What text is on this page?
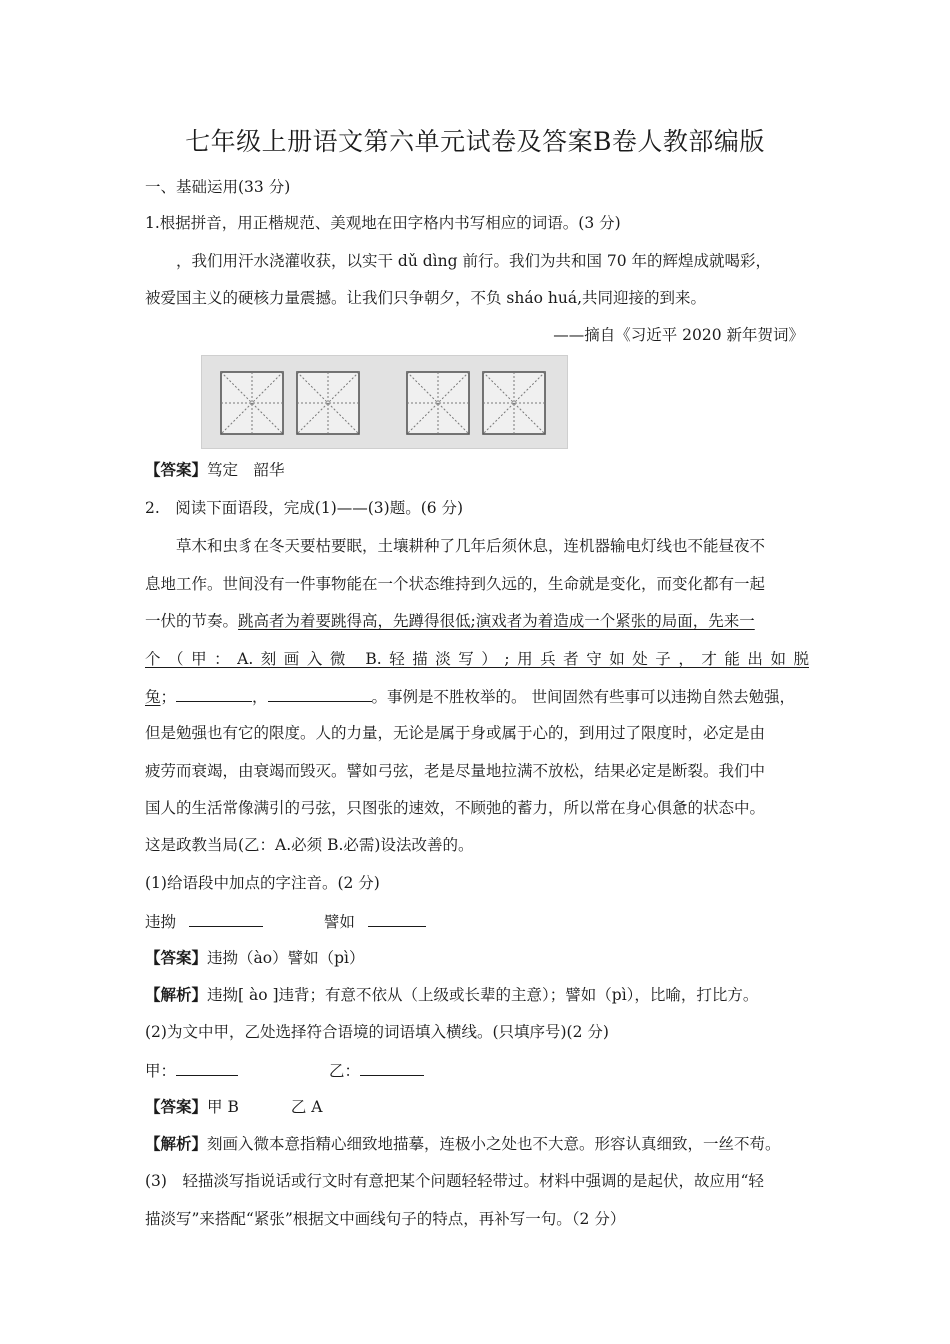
七年级上册语文第六单元试卷及答案B卷人教部编版
一、基础运用(33 分)
1.根据拼音，用正楷规范、美观地在田字格内书写相应的词语。(3 分)
，我们用汗水浇灌收获，以实干 dǔ dìng 前行。我们为共和国 70 年的辉煌成就喝彩，
被爱国主义的硬核力量震撼。让我们只争朝夕，不负 sháo huá,共同迎接的到来。
——摘自《习近平 2020 新年贺词》
【答案】笃定　韶华
2.　阅读下面语段，完成(1)——(3)题。(6 分)
草木和虫豸在冬天要枯要眠，土壤耕种了几年后须休息，连机器输电灯线也不能昼夜不
息地工作。世间没有一件事物能在一个状态维持到久远的，生命就是变化，而变化都有一起
一伏的节奏。跳高者为着要跳得高，先蹲得很低;演戏者为着造成一个紧张的局面，先来一
个（甲：A.刻画入微 B.轻描淡写）;用兵者守如处子，才能出如脱
兔；	，	。事例是不胜枚举的。 世间固然有些事可以违拗自然去勉强，
但是勉强也有它的限度。人的力量，无论是属于身或属于心的，到用过了限度时，必定是由
疲劳而衰竭，由衰竭而毁灭。譬如弓弦，老是尽量地拉满不放松，结果必定是断裂。我们中
国人的生活常像满引的弓弦，只图张的速效，不顾弛的蓄力，所以常在身心俱惫的状态中。
这是政教当局(乙：A.必须 B.必需)设法改善的。
(1)给语段中加点的字注音。(2 分)
违拗	譬如
【答案】违拗（ào）譬如（pì）
【解析】违拗[ ào ]违背；有意不依从（上级或长辈的主意）；譬如（pì），比喻，打比方。
(2)为文中甲，乙处选择符合语境的词语填入横线。(只填序号)(2 分)
甲：	乙：
【答案】甲 B	乙 A
【解析】刻画入微本意指精心细致地描摹，连极小之处也不大意。形容认真细致，一丝不苟。
(3)　轻描淡写指说话或行文时有意把某个问题轻轻带过。材料中强调的是起伏，故应用“轻
描淡写”来搭配“紧张”根据文中画线句子的特点，再补写一句。（2 分）
